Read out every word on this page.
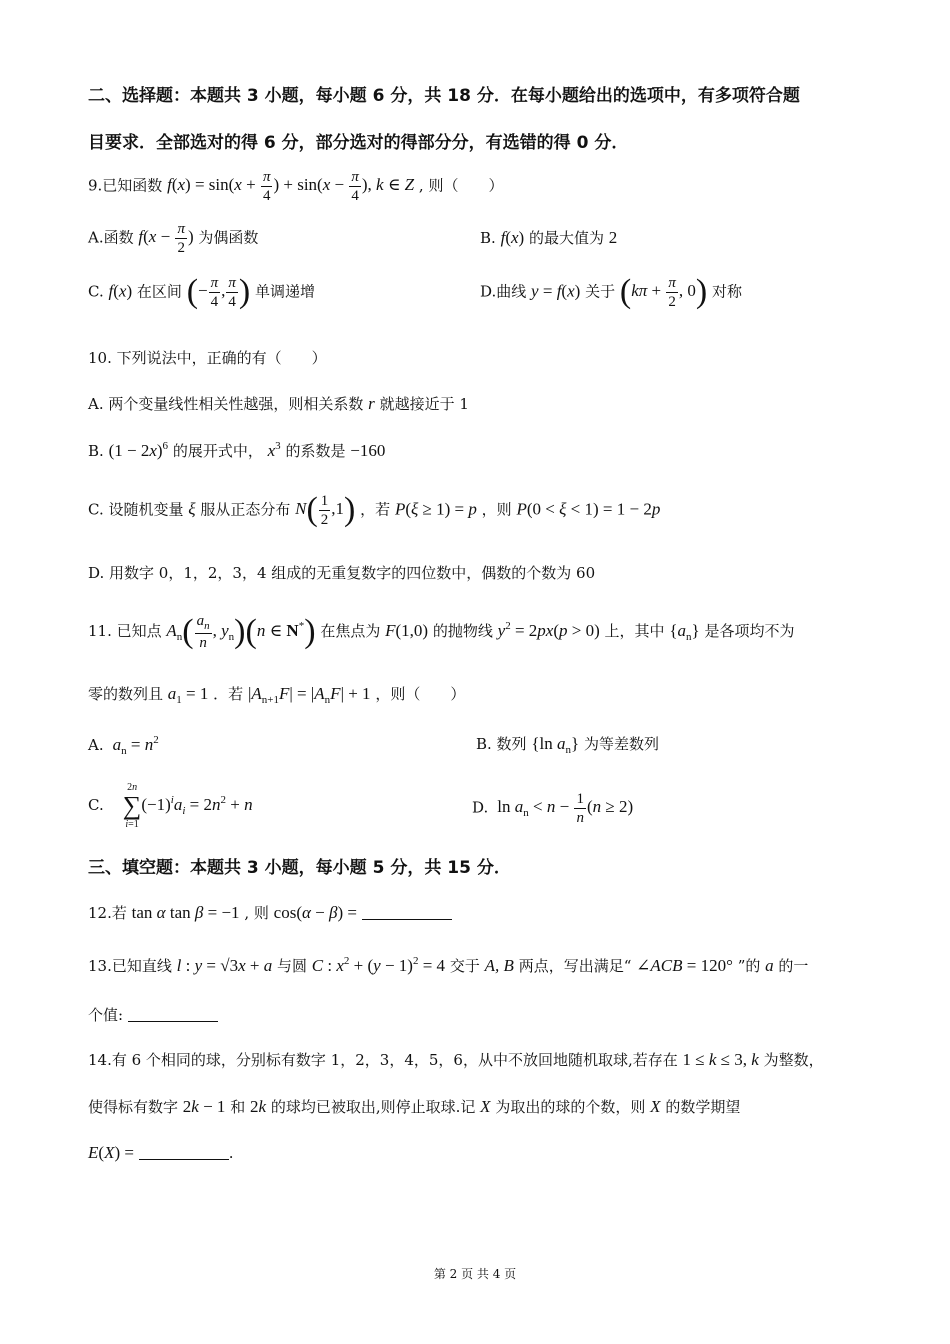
二、选择题：本题共 3 小题，每小题 6 分，共 18 分．在每小题给出的选项中，有多项符合题
目要求．全部选对的得 6 分，部分选对的得部分分，有选错的得 0 分．
9.已知函数 $f(x) = \sin(x + \frac{\pi}{4}$ ) + $\sin(x - \frac{\pi}{4}$ ), k ∈ Z , 则（　　）
A.函数 $f(x - \frac{\pi}{2}$ ) 为偶函数	B. f(x) 的最大值为 2
C. f(x) 在区间 (− $\frac{\pi}{4}$ , $\frac{\pi}{4}$ ) 单调递增	D.曲线 y = f(x) 关于 ($k\pi + \frac{\pi}{2}$ , 0) 对称
10. 下列说法中，正确的有（　　）
A. 两个变量线性相关性越强，则相关系数 r 就越接近于 1
B. $(1 - 2x)^6$ 的展开式中， $x^3$ 的系数是 −160
C. 设随机变量 ξ 服从正态分布 $N( \frac{1}{2} ,1)$ ，若 P(ξ ≥ 1) = p ，则 P(0 < ξ < 1) = 1 − 2p
D. 用数字 0，1，2，3，4 组成的无重复数字的四位数中，偶数的个数为 60
11. 已知点 $A_n( \frac{a_n}{n}$ , $y_n)(n$ ∈ N*) 在焦点为 F(1,0) 的抛物线 $y^2 = 2px(p > 0)$ 上，其中 $\{a_n\}$ 是各项均不为
零的数列且 $a_1 = 1$ ．若 $|A_{n+1}F| = |A_nF| + 1$ ，则（　　）
A. $a_n = n^2$	B. 数列 {ln $a_n$} 为等差数列
C.
2n
∑
i=1
$(-1)^ia_i = 2n^2 + n$	D.  $\ln a_n < n - \frac{1}{n} (n \ge 2)$
三、填空题：本题共 3 小题，每小题 5 分，共 15 分．
12.若 tan α tan β = −1 , 则 cos(α − β) =
13.已知直线 l : y = √3x + a 与圆 C : $x^2 + (y - 1)^2 = 4$ 交于 A, B 两点，写出满足“ ∠ACB = 120° ”的 a 的一
个值:
14.有 6 个相同的球，分别标有数字 1，2，3，4，5，6，从中不放回地随机取球,若存在 1 ≤ k ≤ 3, k 为整数，
使得标有数字 2k − 1 和 2k 的球均已被取出,则停止取球.记 X 为取出的球的个数，则 X 的数学期望
E(X) =	.
第 2 页 共 4 页
